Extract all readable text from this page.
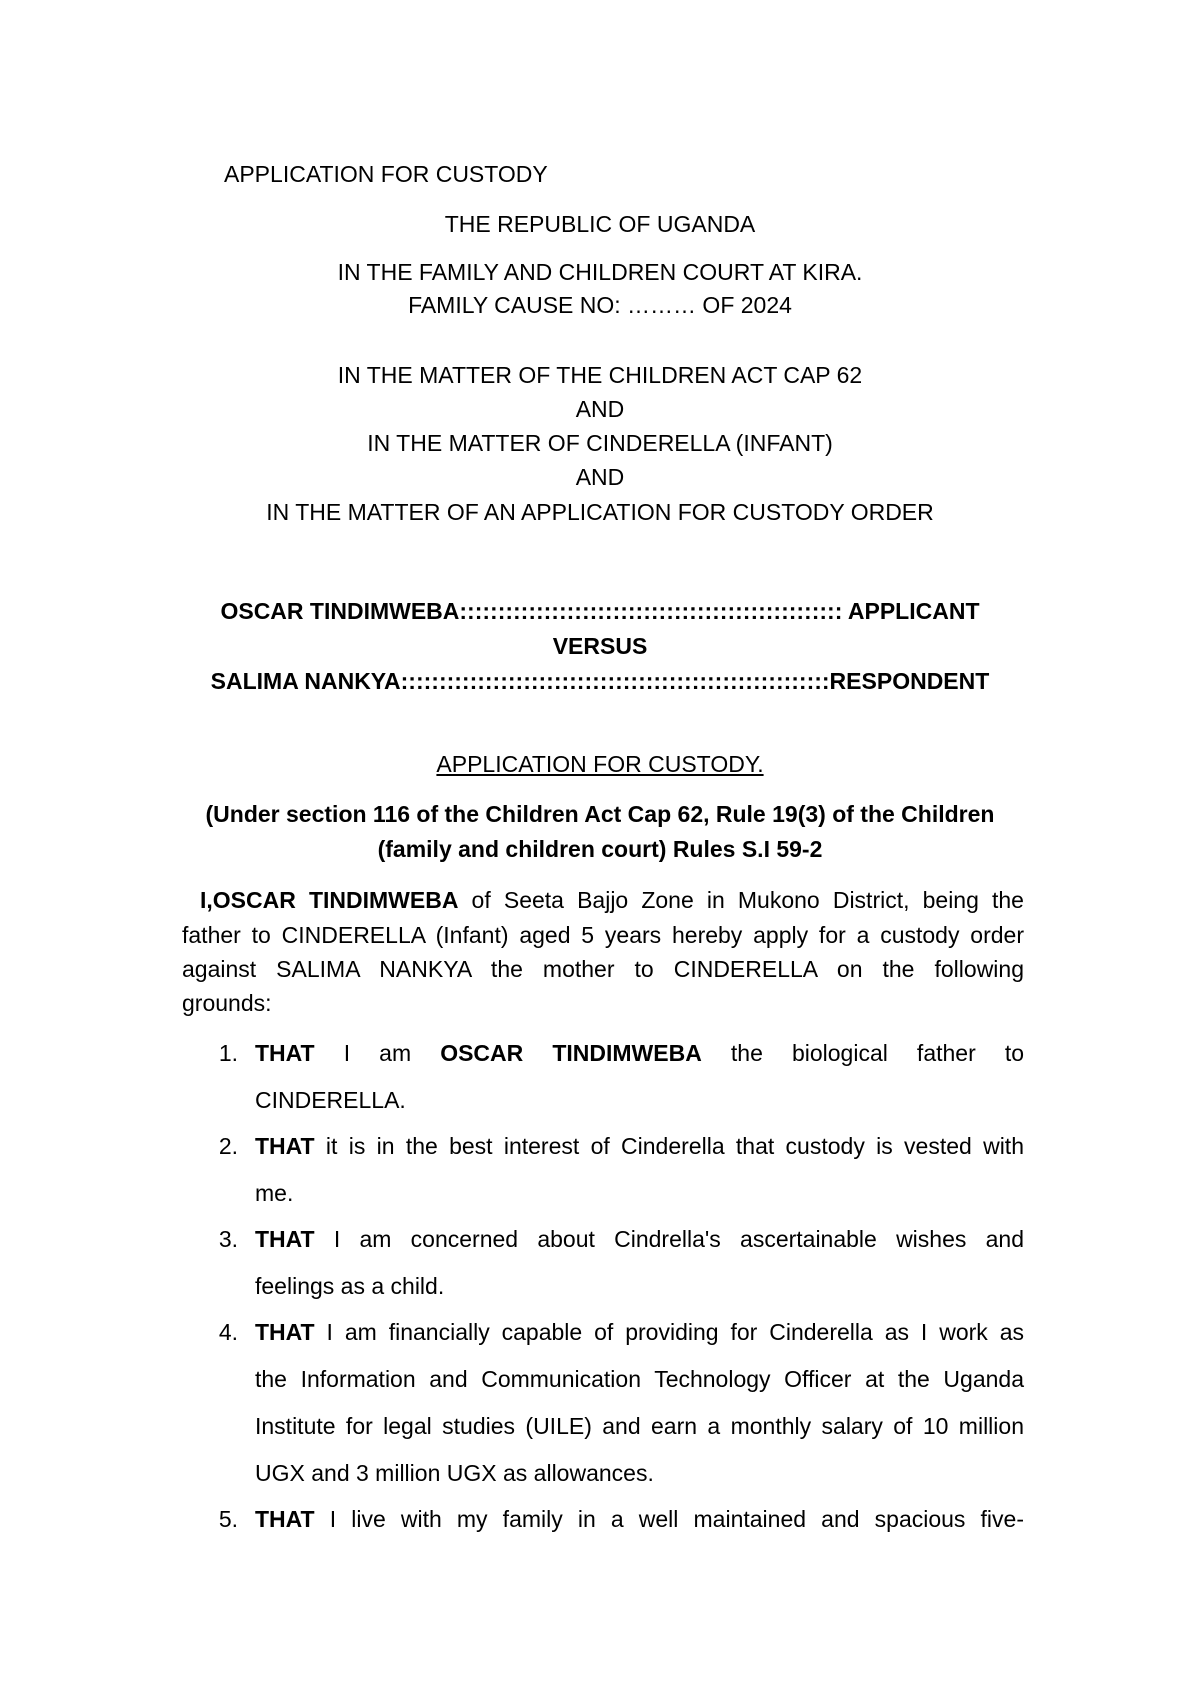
APPLICATION FOR CUSTODY
THE REPUBLIC OF UGANDA
IN THE FAMILY AND CHILDREN COURT AT KIRA.
FAMILY CAUSE NO: ……… OF 2024
IN THE MATTER OF THE CHILDREN ACT CAP 62
AND
IN THE MATTER OF CINDERELLA (INFANT)
AND
IN THE MATTER OF AN APPLICATION FOR CUSTODY ORDER
OSCAR TINDIMWEBA:::::::::::::::::::::::::::::::::::::::::::::::::: APPLICANT
VERSUS
SALIMA NANKYA::::::::::::::::::::::::::::::::::::::::::::::::::::::::RESPONDENT
APPLICATION FOR CUSTODY.
(Under section 116 of the Children Act Cap 62, Rule 19(3) of the Children
(family and children court) Rules S.I 59-2
I,OSCAR TINDIMWEBA of Seeta Bajjo Zone in Mukono District, being the
father to CINDERELLA (Infant) aged 5 years hereby apply for a custody order
against SALIMA NANKYA the mother to CINDERELLA on the following
grounds:
1. THAT I am OSCAR TINDIMWEBA the biological father to
CINDERELLA.
2. THAT it is in the best interest of Cinderella that custody is vested with
me.
3. THAT I am concerned about Cindrella's ascertainable wishes and
feelings as a child.
4. THAT I am financially capable of providing for Cinderella as I work as
the Information and Communication Technology Officer at the Uganda
Institute for legal studies (UILE) and earn a monthly salary of 10 million
UGX and 3 million UGX as allowances.
5. THAT I live with my family in a well maintained and spacious five-
